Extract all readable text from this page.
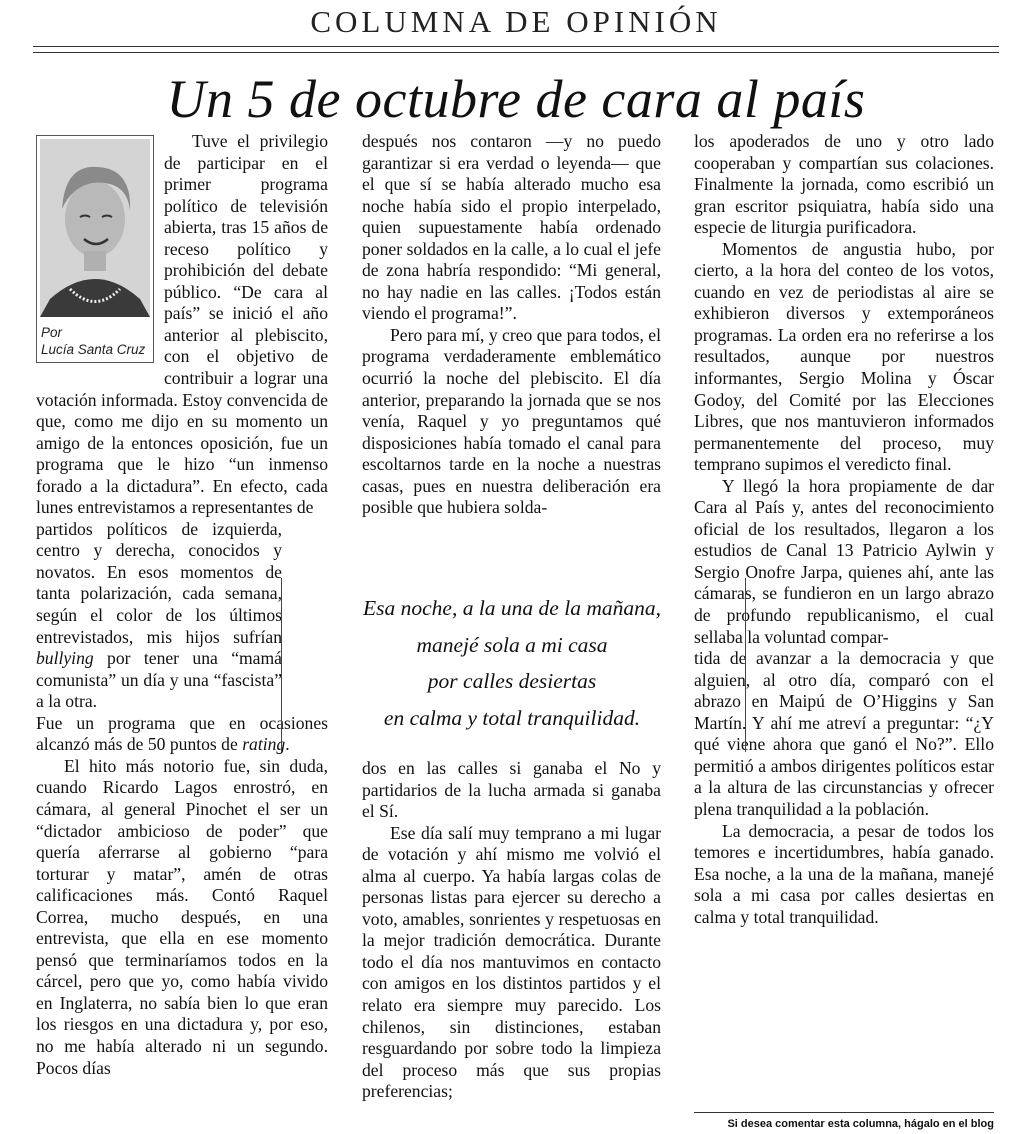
COLUMNA DE OPINIÓN
Un 5 de octubre de cara al país
Por
Lucía Santa Cruz

Tuve el privilegio de participar en el primer programa político de televisión abierta, tras 15 años de receso político y prohibición del debate público. “De cara al país” se inició el año anterior al plebiscito, con el objetivo de contribuir a lograr una votación informada. Estoy convencida de que, como me dijo en su momento un amigo de la entonces oposición, fue un programa que le hizo “un inmenso forado a la dictadura”. En efecto, cada lunes entrevistamos a representantes de

partidos políticos de izquierda, centro y derecha, conocidos y novatos. En esos momentos de tanta polarización, cada semana, según el color de los últimos entrevistados, mis hijos sufrían bullying por tener una “mamá comunista” un día y una “fascista” a la otra.

Fue un programa que en ocasiones alcanzó más de 50 puntos de rating.

El hito más notorio fue, sin duda, cuando Ricardo Lagos enrostró, en cámara, al general Pinochet el ser un “dictador ambicioso de poder” que quería aferrarse al gobierno “para torturar y matar”, amén de otras calificaciones más. Contó Raquel Correa, mucho después, en una entrevista, que ella en ese momento pensó que terminaríamos todos en la cárcel, pero que yo, como había vivido en Inglaterra, no sabía bien lo que eran los riesgos en una dictadura y, por eso, no me había alterado ni un segundo. Pocos días

después nos contaron —y no puedo garantizar si era verdad o leyenda— que el que sí se había alterado mucho esa noche había sido el propio interpelado, quien supuestamente había ordenado poner soldados en la calle, a lo cual el jefe de zona habría respondido: “Mi general, no hay nadie en las calles. ¡Todos están viendo el programa!”.

Pero para mí, y creo que para todos, el programa verdaderamente emblemático ocurrió la noche del plebiscito. El día anterior, preparando la jornada que se nos venía, Raquel y yo preguntamos qué disposiciones había tomado el canal para escoltarnos tarde en la noche a nuestras casas, pues en nuestra deliberación era posible que hubiera solda-

Esa noche, a la una de la mañana,
manejé sola a mi casa
por calles desiertas
en calma y total tranquilidad.

dos en las calles si ganaba el No y partidarios de la lucha armada si ganaba el Sí.

Ese día salí muy temprano a mi lugar de votación y ahí mismo me volvió el alma al cuerpo. Ya había largas colas de personas listas para ejercer su derecho a voto, amables, sonrientes y respetuosas en la mejor tradición democrática. Durante todo el día nos mantuvimos en contacto con amigos en los distintos partidos y el relato era siempre muy parecido. Los chilenos, sin distinciones, estaban resguardando por sobre todo la limpieza del proceso más que sus propias preferencias;

los apoderados de uno y otro lado cooperaban y compartían sus colaciones. Finalmente la jornada, como escribió un gran escritor psiquiatra, había sido una especie de liturgia purificadora.

Momentos de angustia hubo, por cierto, a la hora del conteo de los votos, cuando en vez de periodistas al aire se exhibieron diversos y extemporáneos programas. La orden era no referirse a los resultados, aunque por nuestros informantes, Sergio Molina y Óscar Godoy, del Comité por las Elecciones Libres, que nos mantuvieron informados permanentemente del proceso, muy temprano supimos el veredicto final.

Y llegó la hora propiamente de dar Cara al País y, antes del reconocimiento oficial de los resultados, llegaron a los estudios de Canal 13 Patricio Aylwin y Sergio Onofre Jarpa, quienes ahí, ante las cámaras, se fundieron en un largo abrazo de profundo republicanismo, el cual sellaba la voluntad compar-

tida de avanzar a la democracia y que alguien, al otro día, comparó con el abrazo en Maipú de O’Higgins y San Martín. Y ahí me atreví a preguntar: “¿Y qué viene ahora que ganó el No?”. Ello permitió a ambos dirigentes políticos estar a la altura de las circunstancias y ofrecer plena tranquilidad a la población.

La democracia, a pesar de todos los temores e incertidumbres, había ganado. Esa noche, a la una de la mañana, manejé sola a mi casa por calles desiertas en calma y total tranquilidad.

Si desea comentar esta columna, hágalo en el blog
